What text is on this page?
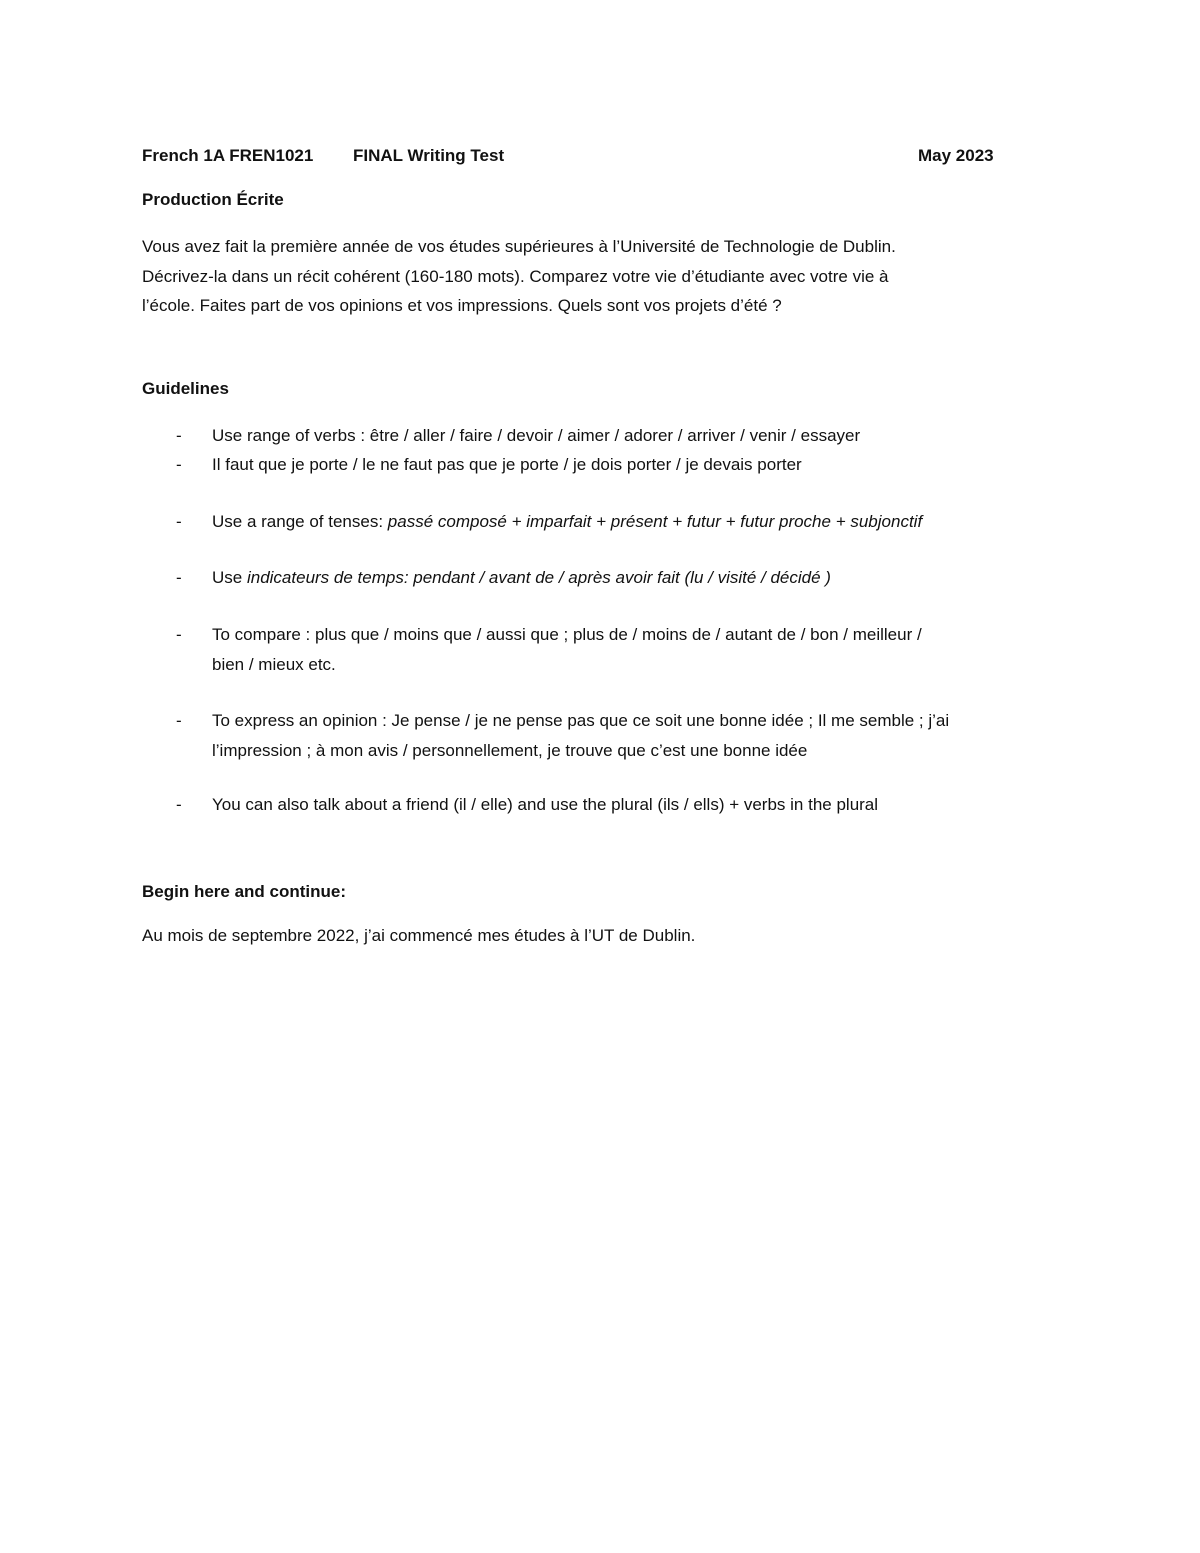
French 1A FREN1021 FINAL Writing Test	May 2023
Production Écrite
Vous avez fait la première année de vos études supérieures à l’Université de Technologie de Dublin.
Décrivez-la dans un récit cohérent (160-180 mots). Comparez votre vie d’étudiante avec votre vie à
l’école. Faites part de vos opinions et vos impressions. Quels sont vos projets d’été ?
Guidelines
- Use range of verbs : être / aller / faire / devoir / aimer / adorer / arriver / venir / essayer
- Il faut que je porte / le ne faut pas que je porte / je dois porter / je devais porter
- Use a range of tenses: passé composé + imparfait + présent + futur + futur proche + subjonctif
- Use indicateurs de temps: pendant / avant de / après avoir fait (lu / visité / décidé )
- To compare : plus que / moins que / aussi que ; plus de / moins de / autant de / bon / meilleur /
bien / mieux etc.
- To express an opinion : Je pense / je ne pense pas que ce soit une bonne idée ; Il me semble ; j’ai
l’impression ; à mon avis / personnellement, je trouve que c’est une bonne idée
- You can also talk about a friend (il / elle) and use the plural (ils / ells) + verbs in the plural
Begin here and continue:
Au mois de septembre 2022, j’ai commencé mes études à l’UT de Dublin.
